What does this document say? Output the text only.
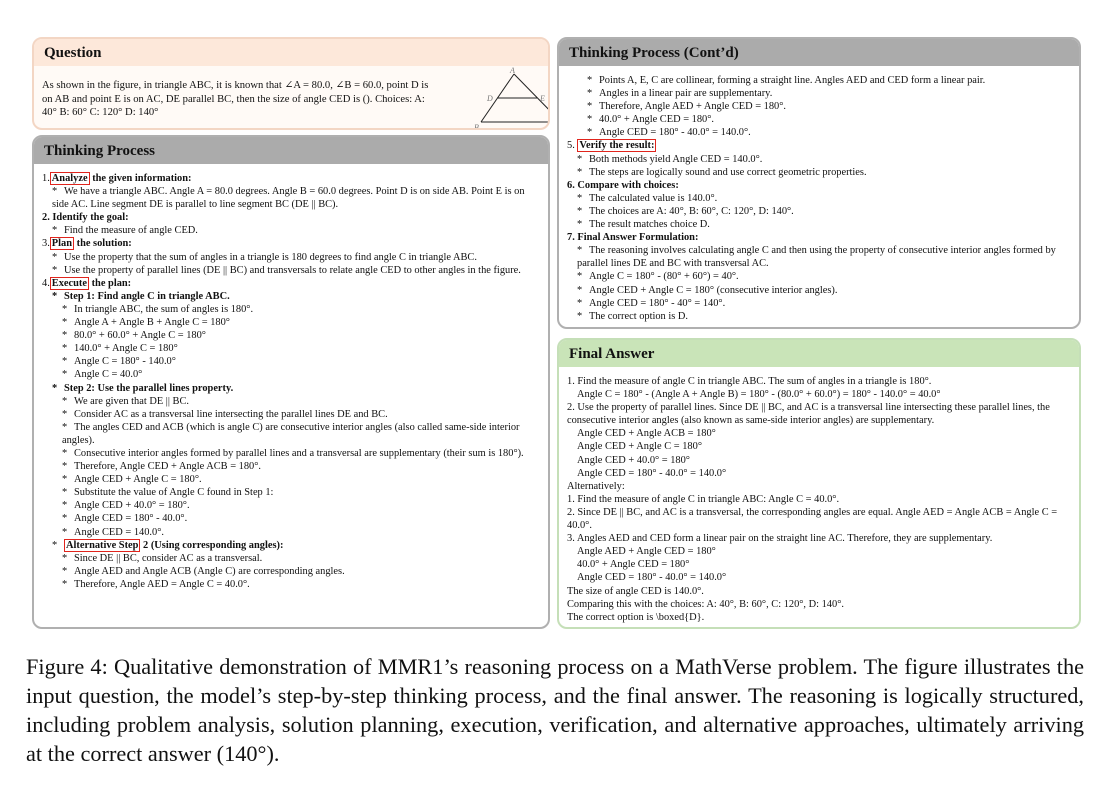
Question
As shown in the figure, in triangle ABC, it is known that ∠A = 80.0, ∠B = 60.0, point D is on AB and point E is on AC, DE parallel BC, then the size of angle CED is (). Choices: A: 40° B: 60° C: 120° D: 140°
A
B
D	E
Thinking Process
1. Analyze the given information:
* We have a triangle ABC. Angle A = 80.0 degrees. Angle B = 60.0 degrees. Point D is on side AB. Point E is on side AC. Line segment DE is parallel to line segment BC (DE || BC).
2. Identify the goal:
* Find the measure of angle CED.
3. Plan the solution:
* Use the property that the sum of angles in a triangle is 180 degrees to find angle C in triangle ABC.
* Use the property of parallel lines (DE || BC) and transversals to relate angle CED to other angles in the figure.
4. Execute the plan:
* Step 1: Find angle C in triangle ABC.
* In triangle ABC, the sum of angles is 180°.
* Angle A + Angle B + Angle C = 180°
* 80.0° + 60.0° + Angle C = 180°
* 140.0° + Angle C = 180°
* Angle C = 180° - 140.0°
* Angle C = 40.0°
* Step 2: Use the parallel lines property.
* We are given that DE || BC.
* Consider AC as a transversal line intersecting the parallel lines DE and BC.
* The angles CED and ACB (which is angle C) are consecutive interior angles (also called same-side interior angles).
* Consecutive interior angles formed by parallel lines and a transversal are supplementary (their sum is 180°).
* Therefore, Angle CED + Angle ACB = 180°.
* Angle CED + Angle C = 180°.
* Substitute the value of Angle C found in Step 1:
* Angle CED + 40.0° = 180°.
* Angle CED = 180° - 40.0°.
* Angle CED = 140.0°.
* Alternative Step 2 (Using corresponding angles):
* Since DE || BC, consider AC as a transversal.
* Angle AED and Angle ACB (Angle C) are corresponding angles.
* Therefore, Angle AED = Angle C = 40.0°.
Thinking Process (Cont’d)
* Points A, E, C are collinear, forming a straight line. Angles AED and CED form a linear pair.
* Angles in a linear pair are supplementary.
* Therefore, Angle AED + Angle CED = 180°.
* 40.0° + Angle CED = 180°.
* Angle CED = 180° - 40.0° = 140.0°.
5. Verify the result:
* Both methods yield Angle CED = 140.0°.
* The steps are logically sound and use correct geometric properties.
6. Compare with choices:
* The calculated value is 140.0°.
* The choices are A: 40°, B: 60°, C: 120°, D: 140°.
* The result matches choice D.
7. Final Answer Formulation:
* The reasoning involves calculating angle C and then using the property of consecutive interior angles formed by parallel lines DE and BC with transversal AC.
* Angle C = 180° - (80° + 60°) = 40°.
* Angle CED + Angle C = 180° (consecutive interior angles).
* Angle CED = 180° - 40° = 140°.
* The correct option is D.
Final Answer
1. Find the measure of angle C in triangle ABC. The sum of angles in a triangle is 180°.
Angle C = 180° - (Angle A + Angle B) = 180° - (80.0° + 60.0°) = 180° - 140.0° = 40.0°
2. Use the property of parallel lines. Since DE || BC, and AC is a transversal line intersecting these parallel lines, the consecutive interior angles (also known as same-side interior angles) are supplementary.
Angle CED + Angle ACB = 180°
Angle CED + Angle C = 180°
Angle CED + 40.0° = 180°
Angle CED = 180° - 40.0° = 140.0°
Alternatively:
1. Find the measure of angle C in triangle ABC: Angle C = 40.0°.
2. Since DE || BC, and AC is a transversal, the corresponding angles are equal. Angle AED = Angle ACB = Angle C = 40.0°.
3. Angles AED and CED form a linear pair on the straight line AC. Therefore, they are supplementary.
Angle AED + Angle CED = 180°
40.0° + Angle CED = 180°
Angle CED = 180° - 40.0° = 140.0°
The size of angle CED is 140.0°.
Comparing this with the choices: A: 40°, B: 60°, C: 120°, D: 140°.
The correct option is \boxed{D}.
Figure 4: Qualitative demonstration of MMR1’s reasoning process on a MathVerse problem. The figure illustrates the input question, the model’s step-by-step thinking process, and the final answer. The reasoning is logically structured, including problem analysis, solution planning, execution, verification, and alternative approaches, ultimately arriving at the correct answer (140°).
